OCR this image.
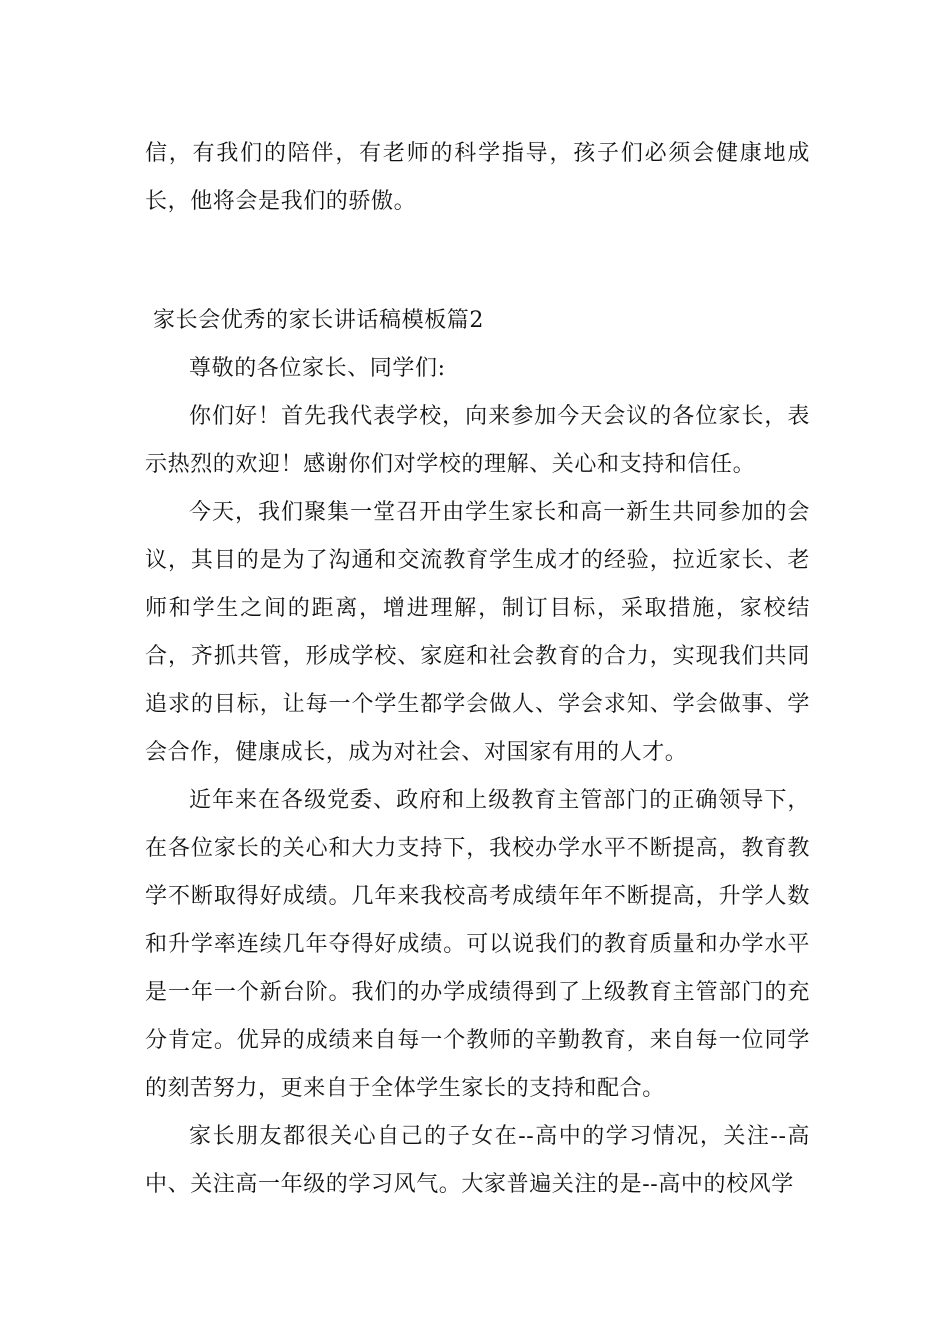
信，有我们的陪伴，有老师的科学指导，孩子们必须会健康地成长，他将会是我们的骄傲。

家长会优秀的家长讲话稿模板篇2

尊敬的各位家长、同学们:

你们好！首先我代表学校，向来参加今天会议的各位家长，表示热烈的欢迎！感谢你们对学校的理解、关心和支持和信任。

今天，我们聚集一堂召开由学生家长和高一新生共同参加的会议，其目的是为了沟通和交流教育学生成才的经验，拉近家长、老师和学生之间的距离，增进理解，制订目标，采取措施，家校结合，齐抓共管，形成学校、家庭和社会教育的合力，实现我们共同追求的目标，让每一个学生都学会做人、学会求知、学会做事、学会合作，健康成长，成为对社会、对国家有用的人才。

近年来在各级党委、政府和上级教育主管部门的正确领导下，在各位家长的关心和大力支持下，我校办学水平不断提高，教育教学不断取得好成绩。几年来我校高考成绩年年不断提高，升学人数和升学率连续几年夺得好成绩。可以说我们的教育质量和办学水平是一年一个新台阶。我们的办学成绩得到了上级教育主管部门的充分肯定。优异的成绩来自每一个教师的辛勤教育，来自每一位同学的刻苦努力，更来自于全体学生家长的支持和配合。

家长朋友都很关心自己的子女在--高中的学习情况，关注--高中、关注高一年级的学习风气。大家普遍关注的是--高中的校风学
